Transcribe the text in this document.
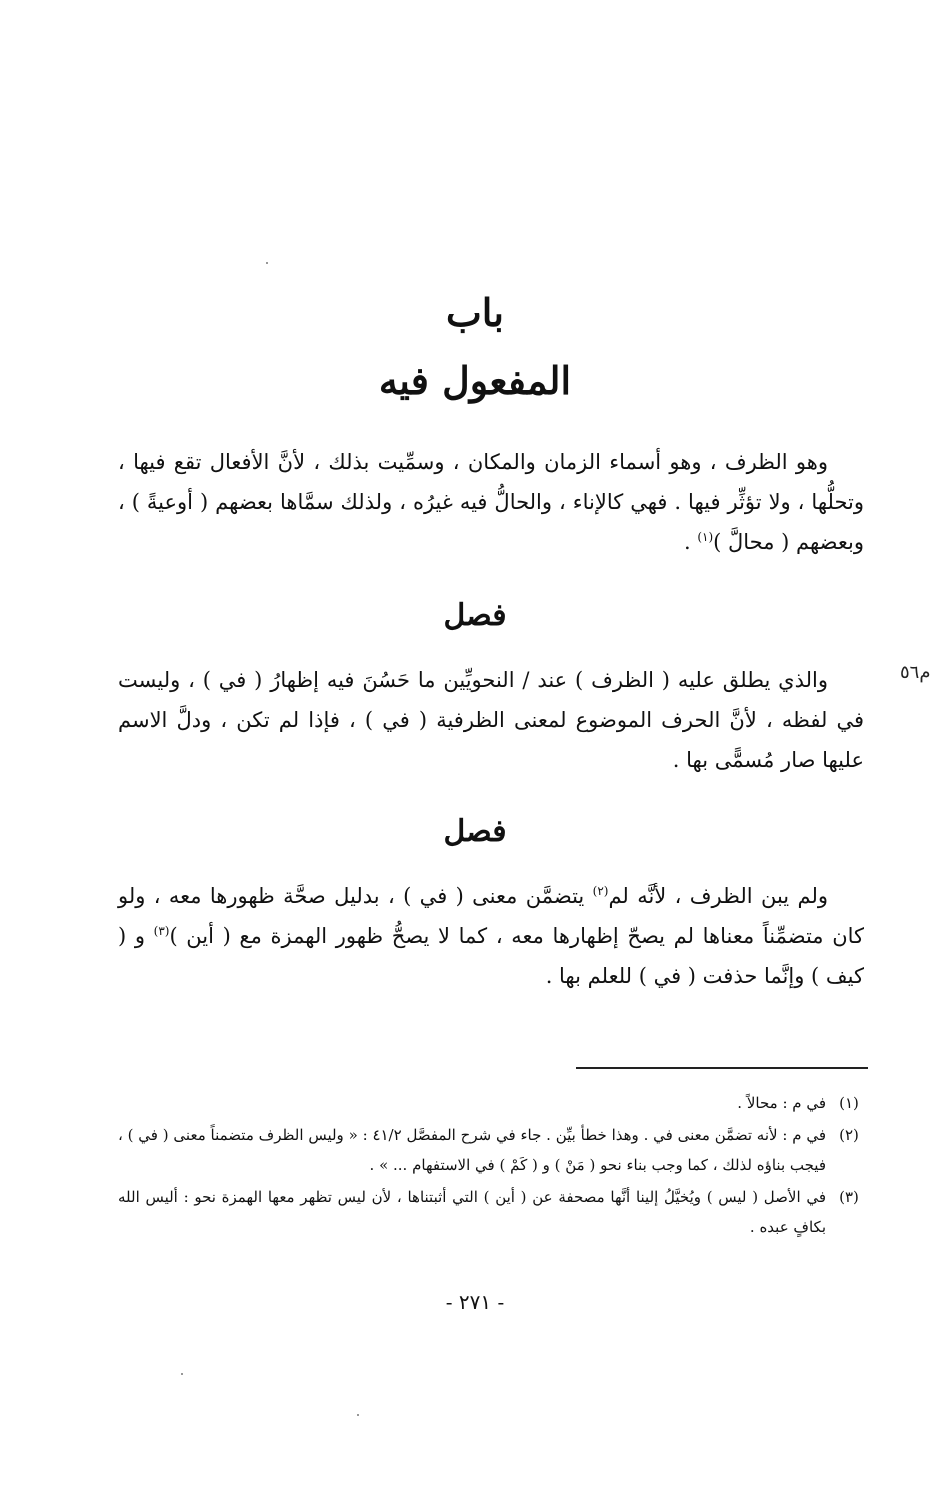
باب
المفعول فيه
وهو الظرف ، وهو أسماء الزمان والمكان ، وسمِّيت بذلك ، لأنَّ الأفعال تقع فيها ، وتحلُّها ، ولا تؤثِّر فيها . فهي كالإناء ، والحالُّ فيه غيرُه ، ولذلك سمَّاها بعضهم ( أوعيةً ) ، وبعضهم ( محالَّ )$^{(١)}$ .
فصل
م٥٦
والذي يطلق عليه ( الظرف ) عند / النحويِّين ما حَسُنَ فيه إظهارُ ( في ) ، وليست في لفظه ، لأنَّ الحرف الموضوع لمعنى الظرفية ( في ) ، فإذا لم تكن ، ودلَّ الاسم عليها صار مُسمًّى بها .
فصل
ولم يبن الظرف ، لأنَّه لم$^{(٢)}$ يتضمَّن معنى ( في ) ، بدليل صحَّة ظهورها معه ، ولو كان متضمِّناً معناها لم يصحّ إظهارها معه ، كما لا يصحُّ ظهور الهمزة مع ( أين )$^{(٣)}$ و ( كيف ) وإنَّما حذفت ( في ) للعلم بها .
(١)
في م : محالاً .
(٢)
في م : لأنه تضمَّن معنى في . وهذا خطأ بيِّن . جاء في شرح المفصَّل ٤١/٢ : « وليس الظرف متضمناً معنى ( في ) ، فيجب بناؤه لذلك ، كما وجب بناء نحو ( مَنْ ) و ( كَمْ ) في الاستفهام ... » .
(٣)
في الأصل ( ليس ) ويُخيَّلُ إلينا أنَّها مصحفة عن ( أين ) التي أثبتناها ، لأن ليس تظهر معها الهمزة نحو : أليس الله بكافٍ عبده .
- ٢٧١ -
